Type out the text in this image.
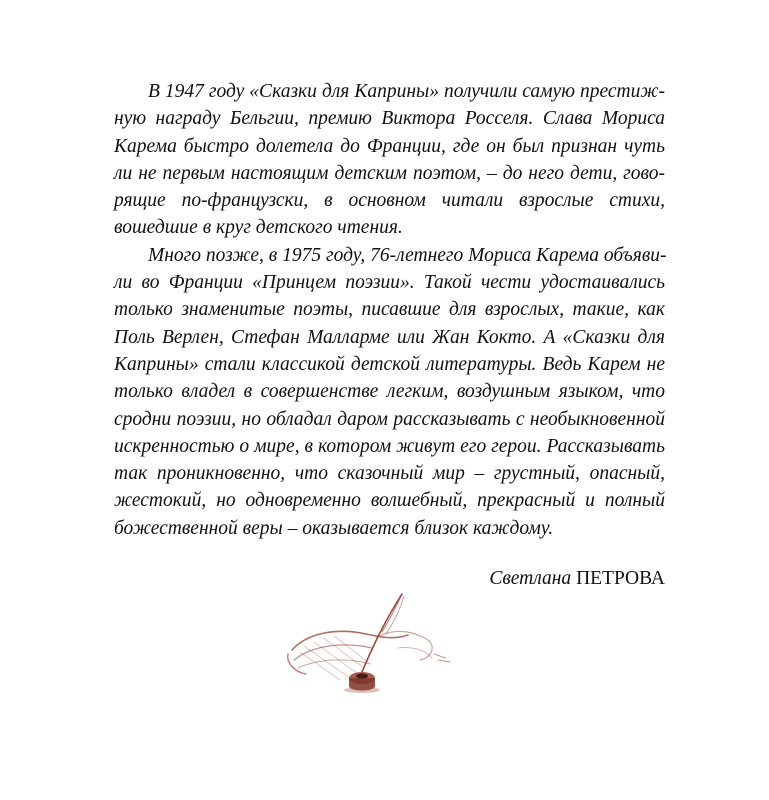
В 1947 году «Сказки для Каприны» получили самую престиж-
ную награду Бельгии, премию Виктора Росселя. Слава Мориса
Карема быстро долетела до Франции, где он был признан чуть
ли не первым настоящим детским поэтом, – до него дети, гово-
рящие по-французски, в основном читали взрослые стихи,
вошедшие в круг детского чтения.
Много позже, в 1975 году, 76-летнего Мориса Карема объяви-
ли во Франции «Принцем поэзии». Такой чести удостаивались
только знаменитые поэты, писавшие для взрослых, такие, как
Поль Верлен, Стефан Малларме или Жан Кокто. А «Сказки для
Каприны» стали классикой детской литературы. Ведь Карем не
только владел в совершенстве легким, воздушным языком, что
сродни поэзии, но обладал даром рассказывать с необыкновенной
искренностью о мире, в котором живут его герои. Рассказывать
так проникновенно, что сказочный мир – грустный, опасный,
жестокий, но одновременно волшебный, прекрасный и полный
божественной веры – оказывается близок каждому.
Светлана ПЕТРОВА
